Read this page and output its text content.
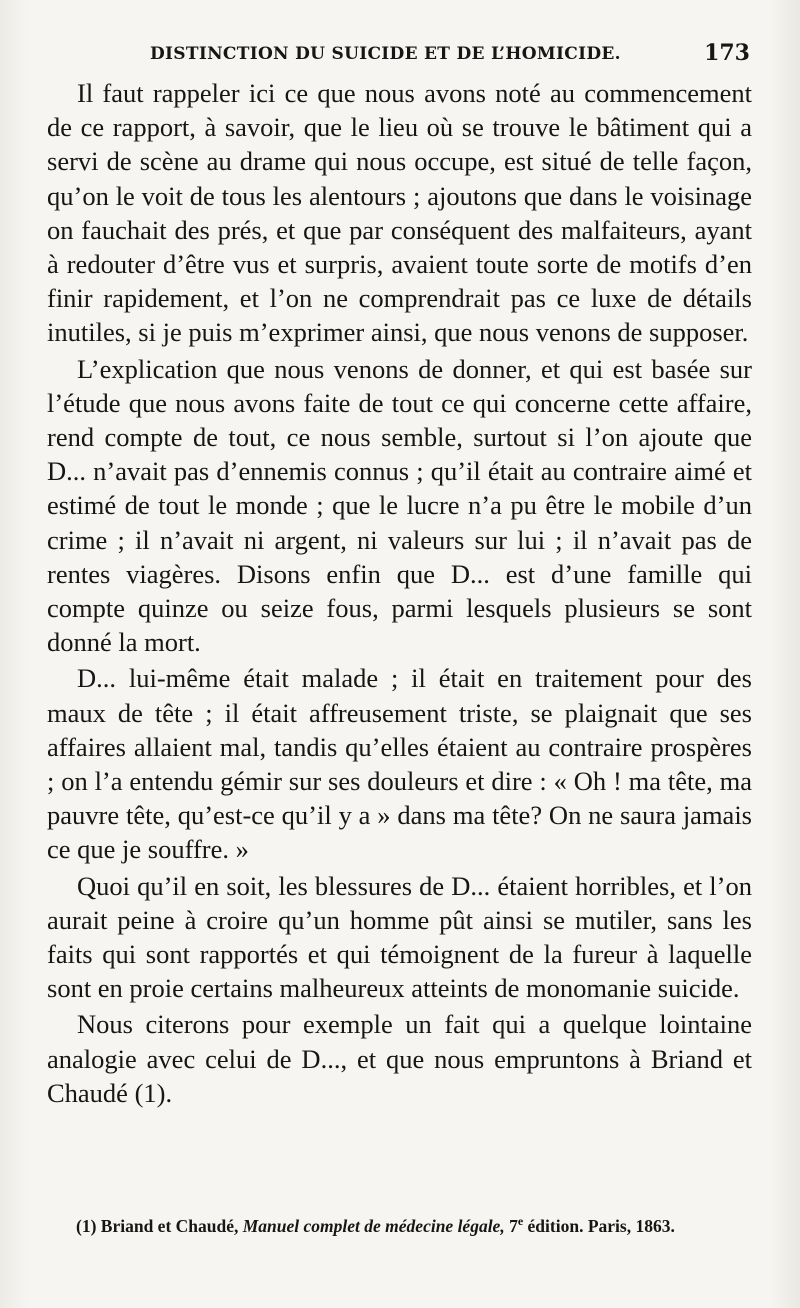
DISTINCTION DU SUICIDE ET DE L’HOMICIDE.	173

Il faut rappeler ici ce que nous avons noté au commencement de ce rapport, à savoir, que le lieu où se trouve le bâtiment qui a servi de scène au drame qui nous occupe, est situé de telle façon, qu’on le voit de tous les alentours ; ajoutons que dans le voisinage on fauchait des prés, et que par conséquent des malfaiteurs, ayant à redouter d’être vus et surpris, avaient toute sorte de motifs d’en finir rapidement, et l’on ne comprendrait pas ce luxe de détails inutiles, si je puis m’exprimer ainsi, que nous venons de supposer.

L’explication que nous venons de donner, et qui est basée sur l’étude que nous avons faite de tout ce qui concerne cette affaire, rend compte de tout, ce nous semble, surtout si l’on ajoute que D... n’avait pas d’ennemis connus ; qu’il était au contraire aimé et estimé de tout le monde ; que le lucre n’a pu être le mobile d’un crime ; il n’avait ni argent, ni valeurs sur lui ; il n’avait pas de rentes viagères. Disons enfin que D... est d’une famille qui compte quinze ou seize fous, parmi lesquels plusieurs se sont donné la mort.

D... lui-même était malade ; il était en traitement pour des maux de tête ; il était affreusement triste, se plaignait que ses affaires allaient mal, tandis qu’elles étaient au contraire prospères ; on l’a entendu gémir sur ses douleurs et dire : « Oh ! ma tête, ma pauvre tête, qu’est-ce qu’il y a » dans ma tête? On ne saura jamais ce que je souffre. »

Quoi qu’il en soit, les blessures de D... étaient horribles, et l’on aurait peine à croire qu’un homme pût ainsi se mutiler, sans les faits qui sont rapportés et qui témoignent de la fureur à laquelle sont en proie certains malheureux atteints de monomanie suicide.

Nous citerons pour exemple un fait qui a quelque lointaine analogie avec celui de D..., et que nous empruntons à Briand et Chaudé (1).

(1) Briand et Chaudé, Manuel complet de médecine légale, 7e édition. Paris, 1863.
